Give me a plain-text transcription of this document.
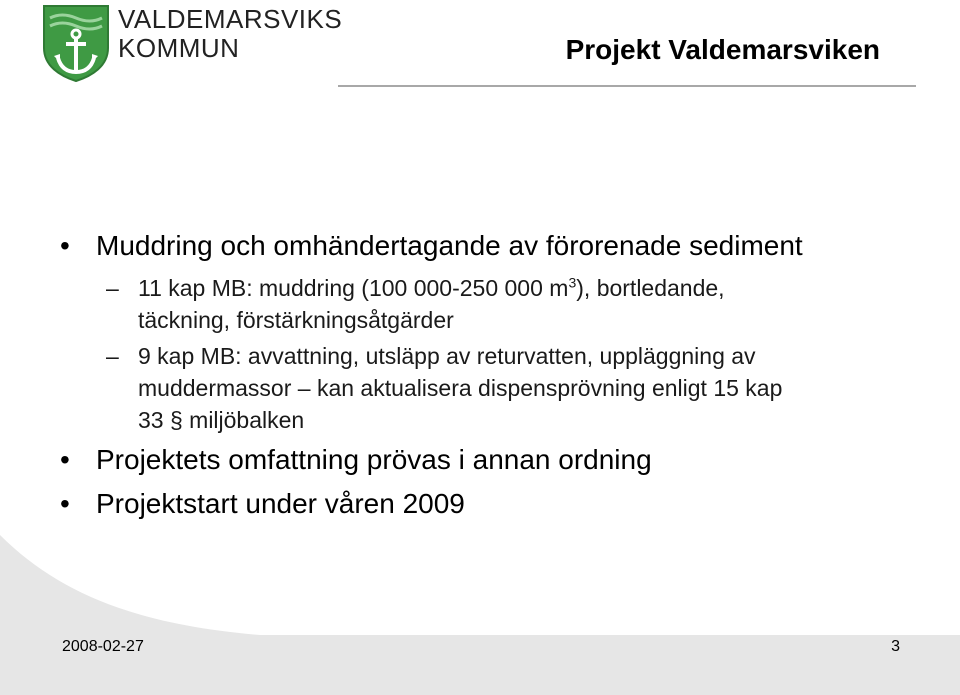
VALDEMARSVIKS
KOMMUN	Projekt Valdemarsviken
• Muddring och omhändertagande av förorenade sediment
– 11 kap MB: muddring (100 000-250 000 $m^3$), bortledande,
täckning, förstärkningsåtgärder
– 9 kap MB: avvattning, utsläpp av returvatten, uppläggning av
muddermassor – kan aktualisera dispensprövning enligt 15 kap
33 § miljöbalken
• Projektets omfattning prövas i annan ordning
• Projektstart under våren 2009
2008-02-27	3
